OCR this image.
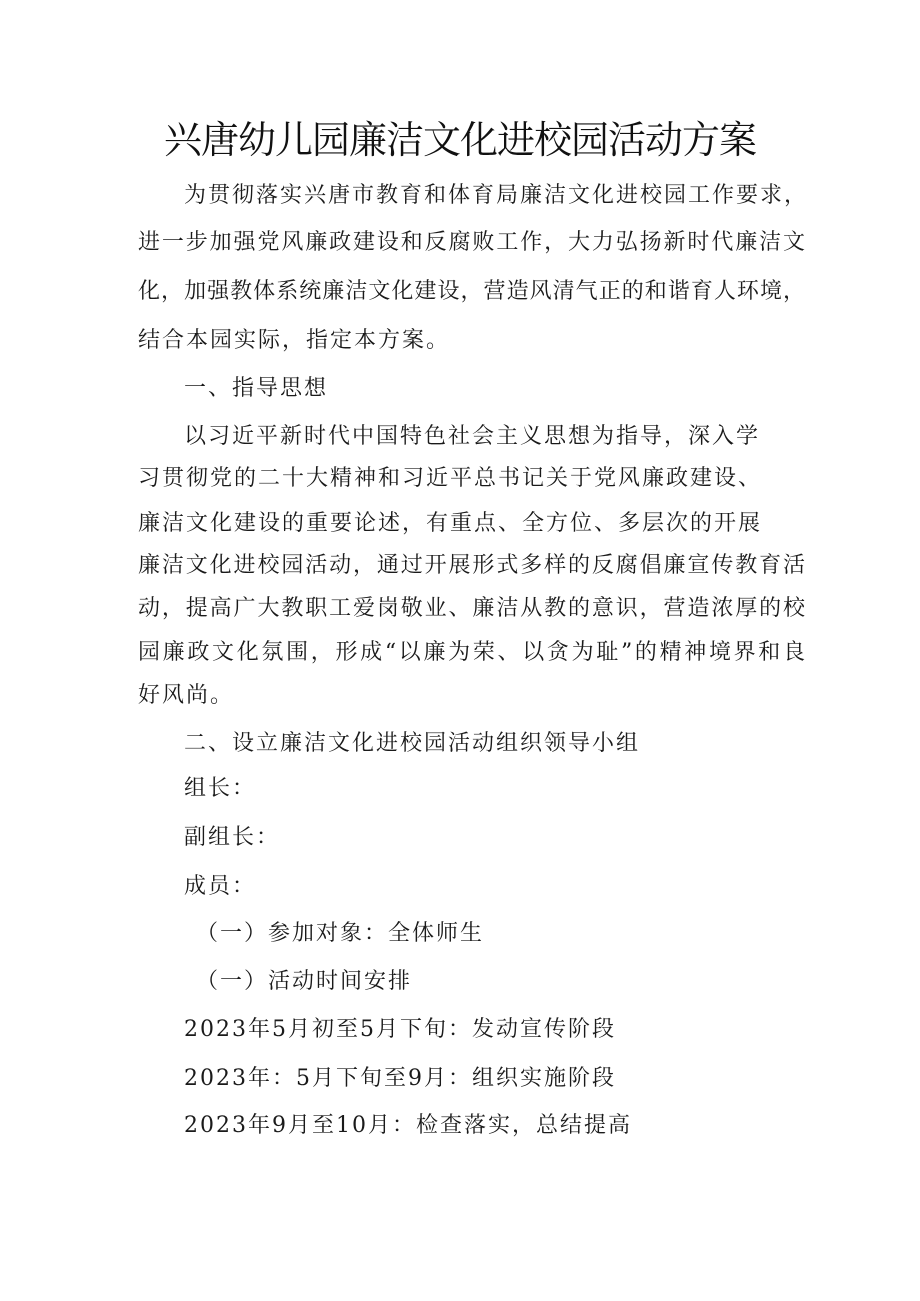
兴唐幼儿园廉洁文化进校园活动方案
为贯彻落实兴唐市教育和体育局廉洁文化进校园工作要求，
进一步加强党风廉政建设和反腐败工作，大力弘扬新时代廉洁文
化，加强教体系统廉洁文化建设，营造风清气正的和谐育人环境，
结合本园实际，指定本方案。
一、指导思想
以习近平新时代中国特色社会主义思想为指导，深入学
习贯彻党的二十大精神和习近平总书记关于党风廉政建设、
廉洁文化建设的重要论述，有重点、全方位、多层次的开展
廉洁文化进校园活动，通过开展形式多样的反腐倡廉宣传教育活
动，提高广大教职工爱岗敬业、廉洁从教的意识，营造浓厚的校
园廉政文化氛围，形成“以廉为荣、以贪为耻”的精神境界和良
好风尚。
二、设立廉洁文化进校园活动组织领导小组
组长：
副组长：
成员：
（一）参加对象：全体师生
（一）活动时间安排
2023年5月初至5月下旬：发动宣传阶段
2023年：5月下旬至9月：组织实施阶段
2023年9月至10月：检查落实，总结提高
